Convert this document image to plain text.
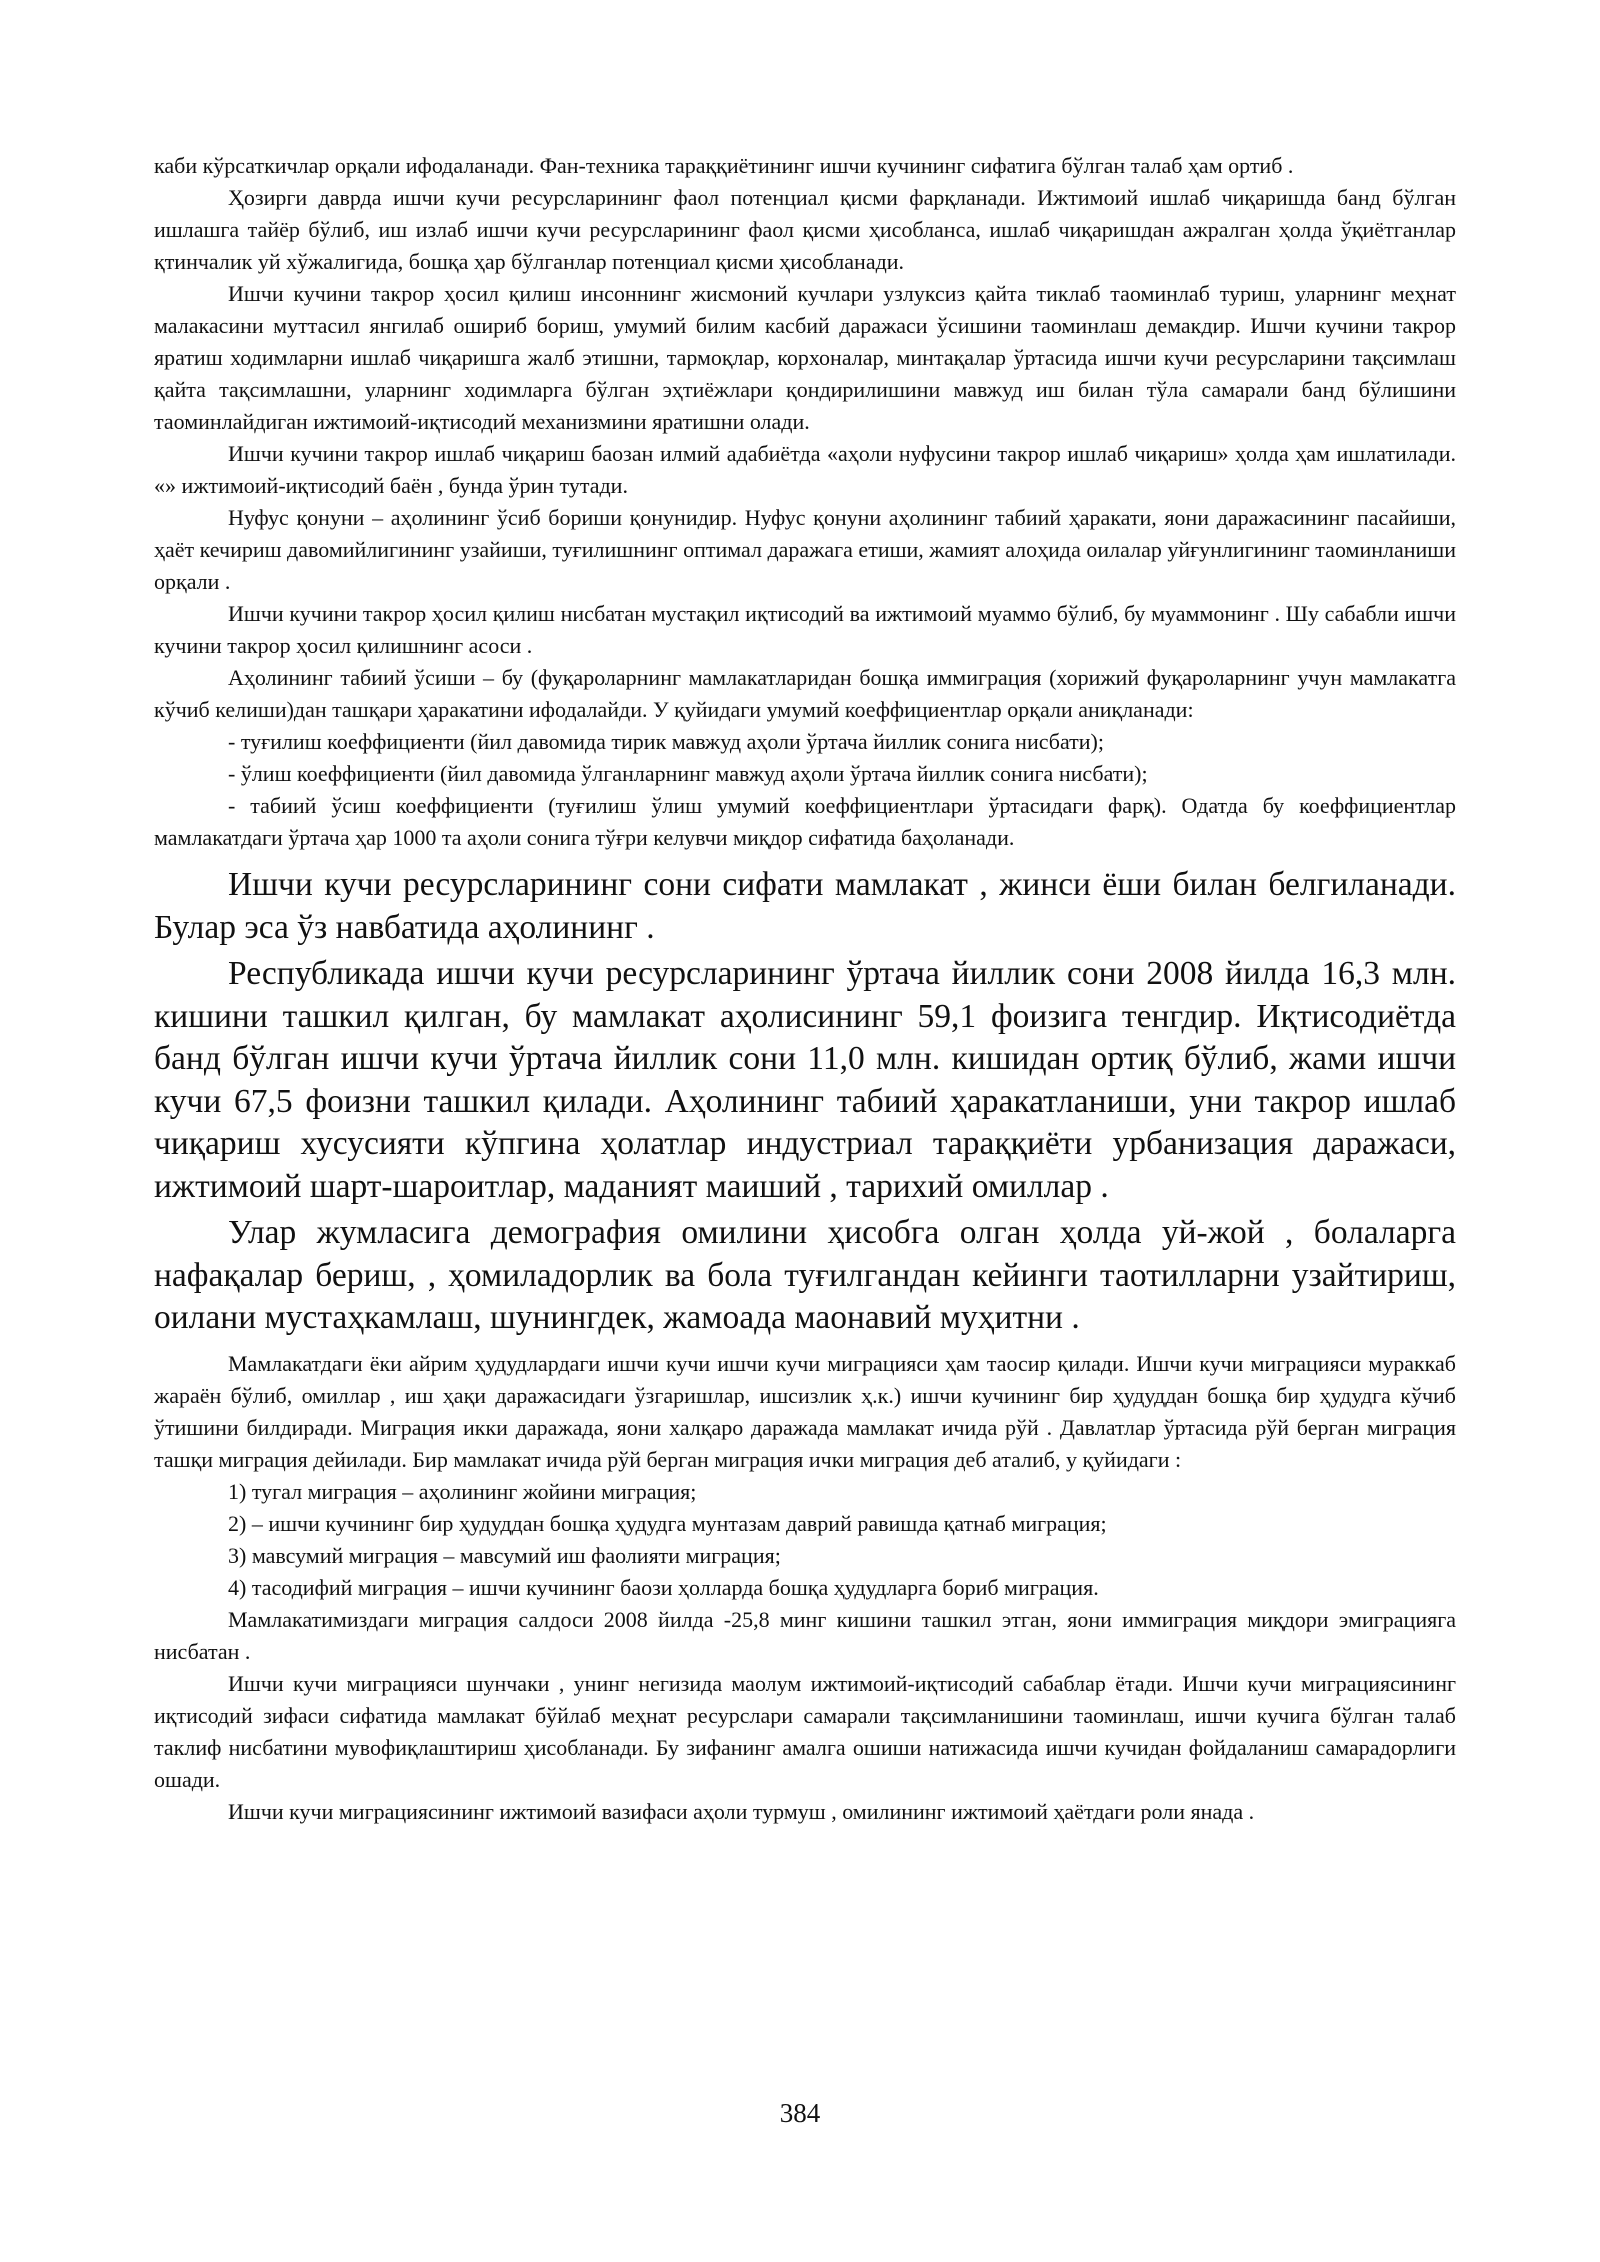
каби кўрсаткичлар орқали ифодаланади. Фан-техника тараққиётининг ишчи кучининг сифатига бўлган талаб ҳам ортиб .

Ҳозирги даврда ишчи кучи ресурсларининг фаол потенциал қисми фарқланади. Ижтимоий ишлаб чиқаришда банд бўлган ишлашга тайёр бўлиб, иш излаб ишчи кучи ресурсларининг фаол қисми ҳисобланса, ишлаб чиқаришдан ажралган ҳолда ўқиётганлар қтинчалик уй хўжалигида, бошқа ҳар бўлганлар потенциал қисми ҳисобланади.

Ишчи кучини такрор ҳосил қилиш инсоннинг жисмоний кучлари узлуксиз қайта тиклаб таоминлаб туриш, уларнинг меҳнат малакасини муттасил янгилаб ошириб бориш, умумий билим касбий даражаси ўсишини таоминлаш демакдир. Ишчи кучини такрор яратиш ходимларни ишлаб чиқаришга жалб этишни, тармоқлар, корхоналар, минтақалар ўртасида ишчи кучи ресурсларини тақсимлаш қайта тақсимлашни, уларнинг ходимларга бўлган эҳтиёжлари қондирилишини мавжуд иш билан тўла самарали банд бўлишини таоминлайдиган ижтимоий-иқтисодий механизмини яратишни олади.

Ишчи кучини такрор ишлаб чиқариш баозан илмий адабиётда «аҳоли нуфусини такрор ишлаб чиқариш» ҳолда ҳам ишлатилади. «» ижтимоий-иқтисодий баён , бунда ўрин тутади.

Нуфус қонуни – аҳолининг ўсиб бориши қонунидир. Нуфус қонуни аҳолининг табиий ҳаракати, яони даражасининг пасайиши, ҳаёт кечириш давомийлигининг узайиши, туғилишнинг оптимал даражага етиши, жамият алоҳида оилалар уйғунлигининг таоминланиши орқали .

Ишчи кучини такрор ҳосил қилиш нисбатан мустақил иқтисодий ва ижтимоий муаммо бўлиб, бу муаммонинг . Шу сабабли ишчи кучини такрор ҳосил қилишнинг асоси .

Аҳолининг табиий ўсиши – бу (фуқароларнинг мамлакатларидан бошқа иммиграция (хорижий фуқароларнинг учун мамлакатга кўчиб келиши)дан ташқари ҳаракатини ифодалайди. У қуйидаги умумий коеффициентлар орқали аниқланади:

- туғилиш коеффициенти (йил давомида тирик мавжуд аҳоли ўртача йиллик сонига нисбати);

- ўлиш коеффициенти (йил давомида ўлганларнинг мавжуд аҳоли ўртача йиллик сонига нисбати);

- табиий ўсиш коеффициенти (туғилиш ўлиш умумий коеффициентлари ўртасидаги фарқ). Одатда бу коеффициентлар мамлакатдаги ўртача ҳар 1000 та аҳоли сонига тўғри келувчи миқдор сифатида баҳоланади.

Ишчи кучи ресурсларининг сони сифати мамлакат , жинси ёши билан белгиланади. Булар эса ўз навбатида аҳолининг .

Республикада ишчи кучи ресурсларининг ўртача йиллик сони 2008 йилда 16,3 млн. кишини ташкил қилган, бу мамлакат аҳолисининг 59,1 фоизига тенгдир. Иқтисодиётда банд бўлган ишчи кучи ўртача йиллик сони 11,0 млн. кишидан ортиқ бўлиб, жами ишчи кучи 67,5 фоизни ташкил қилади. Аҳолининг табиий ҳаракатланиши, уни такрор ишлаб чиқариш хусусияти кўпгина ҳолатлар индустриал тараққиёти урбанизация даражаси, ижтимоий шарт-шароитлар, маданият маиший , тарихий омиллар .

Улар жумласига демография омилини ҳисобга олган ҳолда уй-жой , болаларга нафақалар бериш, , ҳомиладорлик ва бола туғилгандан кейинги таотилларни узайтириш, оилани мустаҳкамлаш, шунингдек, жамоада маонавий муҳитни .

Мамлакатдаги ёки айрим ҳудудлардаги ишчи кучи ишчи кучи миграцияси ҳам таосир қилади. Ишчи кучи миграцияси мураккаб жараён бўлиб, омиллар , иш ҳақи даражасидаги ўзгаришлар, ишсизлик ҳ.к.) ишчи кучининг бир ҳудуддан бошқа бир ҳудудга кўчиб ўтишини билдиради. Миграция икки даражада, яони халқаро даражада мамлакат ичида рўй . Давлатлар ўртасида рўй берган миграция ташқи миграция дейилади. Бир мамлакат ичида рўй берган миграция ички миграция деб аталиб, у қуйидаги :

1) тугал миграция – аҳолининг жойини миграция;

2) – ишчи кучининг бир ҳудуддан бошқа ҳудудга мунтазам даврий равишда қатнаб миграция;

3) мавсумий миграция – мавсумий иш фаолияти миграция;

4) тасодифий миграция – ишчи кучининг баози ҳолларда бошқа ҳудудларга бориб миграция.

Мамлакатимиздаги миграция салдоси 2008 йилда -25,8 минг кишини ташкил этган, яони иммиграция миқдори эмиграцияга нисбатан .

Ишчи кучи миграцияси шунчаки , унинг негизида маолум ижтимоий-иқтисодий сабаблар ётади. Ишчи кучи миграциясининг иқтисодий зифаси сифатида мамлакат бўйлаб меҳнат ресурслари самарали тақсимланишини таоминлаш, ишчи кучига бўлган талаб таклиф нисбатини мувофиқлаштириш ҳисобланади. Бу зифанинг амалга ошиши натижасида ишчи кучидан фойдаланиш самарадорлиги ошади.

Ишчи кучи миграциясининг ижтимоий вазифаси аҳоли турмуш , омилининг ижтимоий ҳаётдаги роли янада .

384
